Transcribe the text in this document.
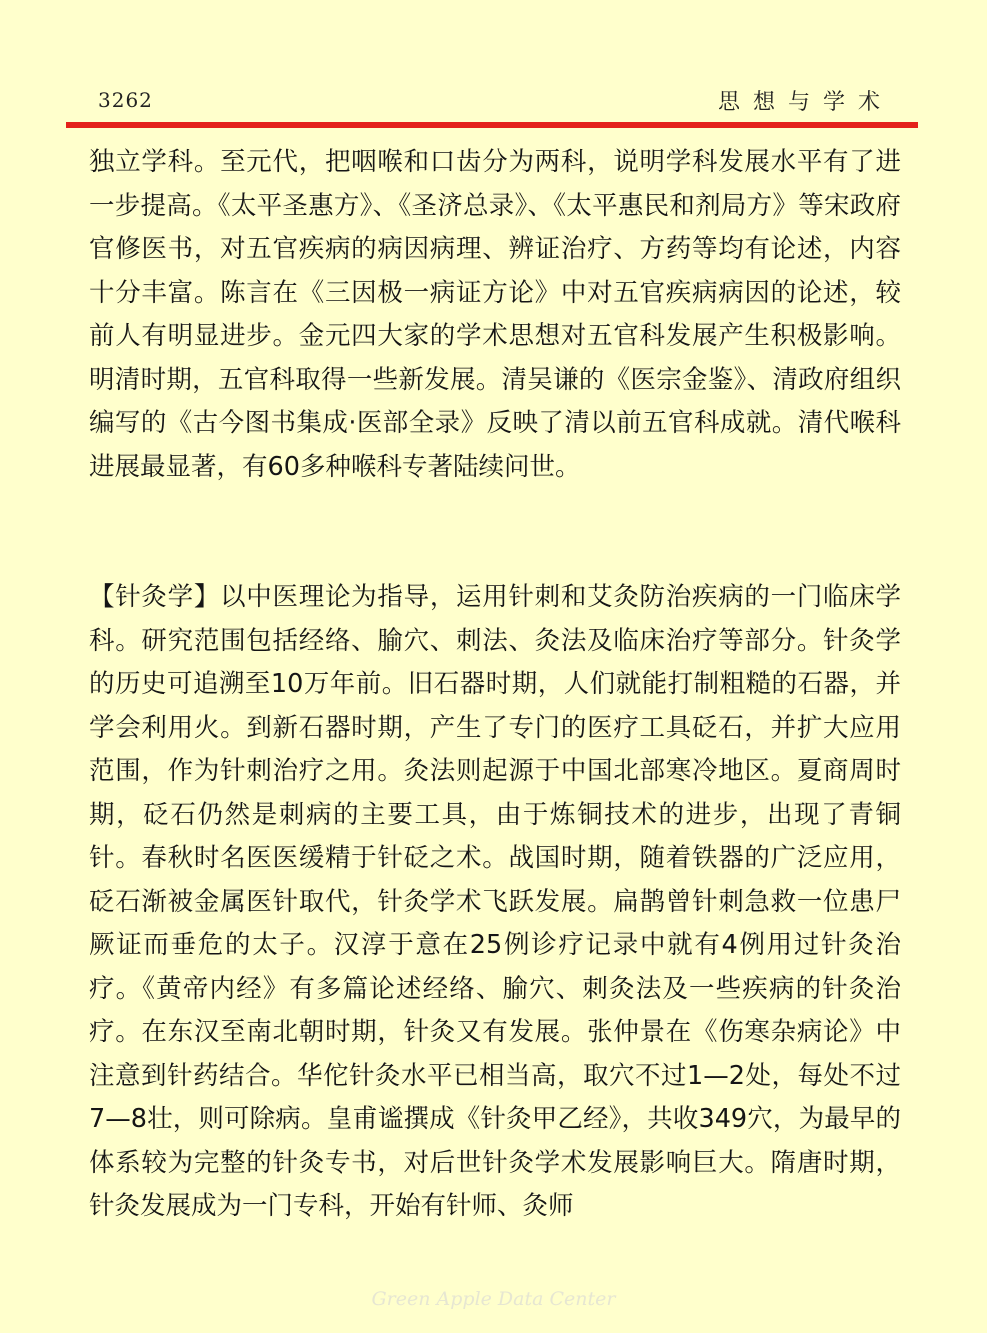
3262	思想与学术
独立学科。至元代，把咽喉和口齿分为两科，说明学科发展水平有了进一步提高。《太平圣惠方》、《圣济总录》、《太平惠民和剂局方》等宋政府官修医书，对五官疾病的病因病理、辨证治疗、方药等均有论述，内容十分丰富。陈言在《三因极一病证方论》中对五官疾病病因的论述，较前人有明显进步。金元四大家的学术思想对五官科发展产生积极影响。明清时期，五官科取得一些新发展。清吴谦的《医宗金鉴》、清政府组织编写的《古今图书集成·医部全录》反映了清以前五官科成就。清代喉科进展最显著，有60多种喉科专著陆续问世。
【针灸学】以中医理论为指导，运用针刺和艾灸防治疾病的一门临床学科。研究范围包括经络、腧穴、刺法、灸法及临床治疗等部分。针灸学的历史可追溯至10万年前。旧石器时期，人们就能打制粗糙的石器，并学会利用火。到新石器时期，产生了专门的医疗工具砭石，并扩大应用范围，作为针刺治疗之用。灸法则起源于中国北部寒冷地区。夏商周时期，砭石仍然是刺病的主要工具，由于炼铜技术的进步，出现了青铜针。春秋时名医医缓精于针砭之术。战国时期，随着铁器的广泛应用，砭石渐被金属医针取代，针灸学术飞跃发展。扁鹊曾针刺急救一位患尸厥证而垂危的太子。汉淳于意在25例诊疗记录中就有4例用过针灸治疗。《黄帝内经》有多篇论述经络、腧穴、刺灸法及一些疾病的针灸治疗。在东汉至南北朝时期，针灸又有发展。张仲景在《伤寒杂病论》中注意到针药结合。华佗针灸水平已相当高，取穴不过1—2处，每处不过7—8壮，则可除病。皇甫谧撰成《针灸甲乙经》，共收349穴，为最早的体系较为完整的针灸专书，对后世针灸学术发展影响巨大。隋唐时期，针灸发展成为一门专科，开始有针师、灸师
Green Apple Data Center
